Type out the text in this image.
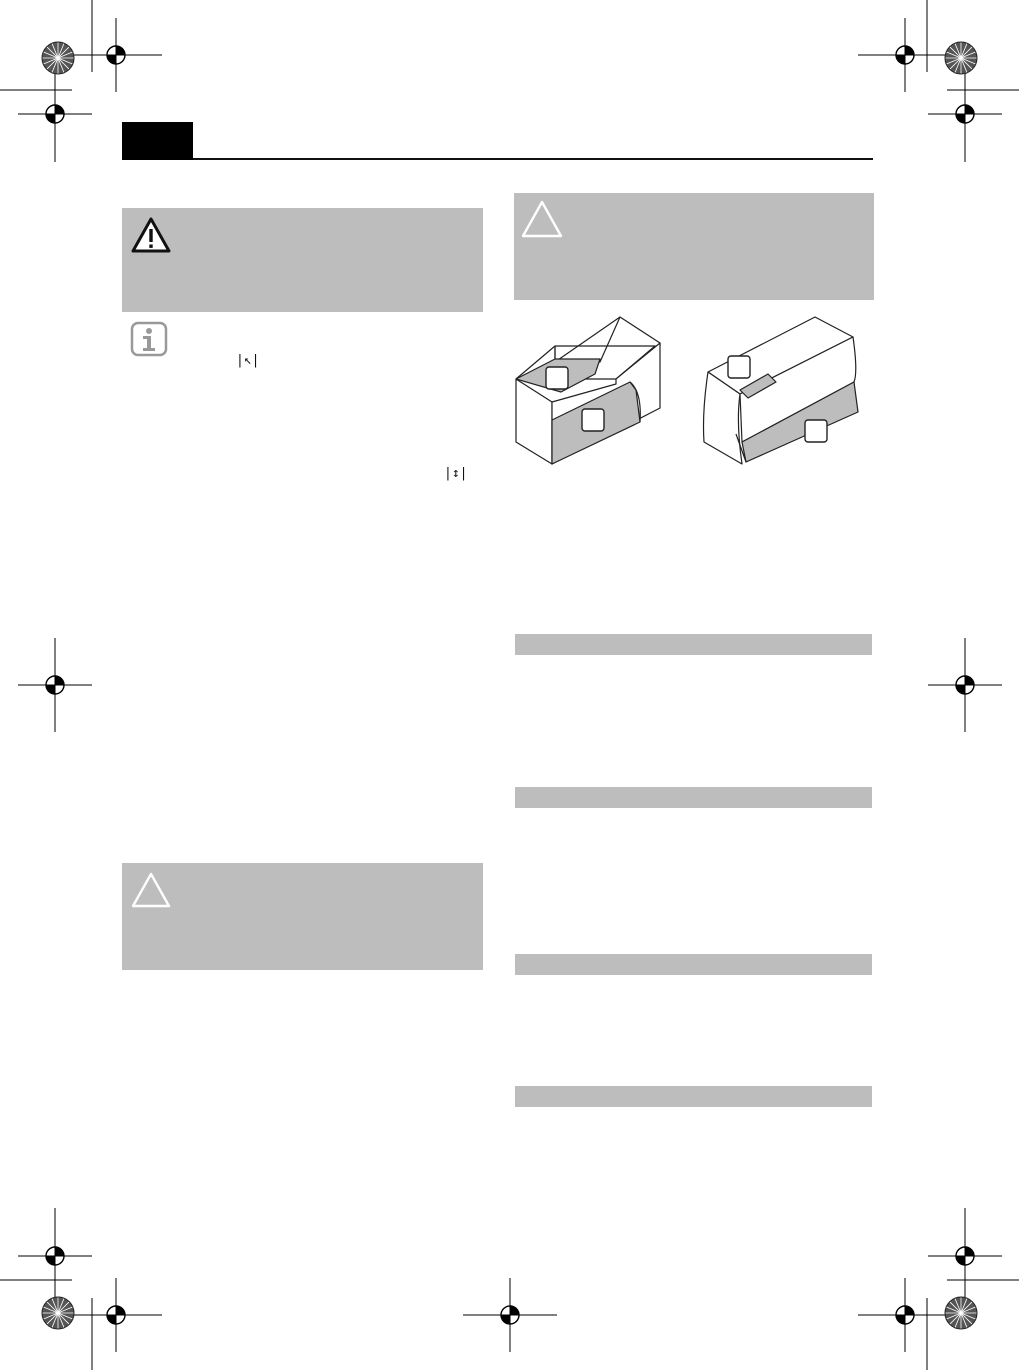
|↖|
|↕|
